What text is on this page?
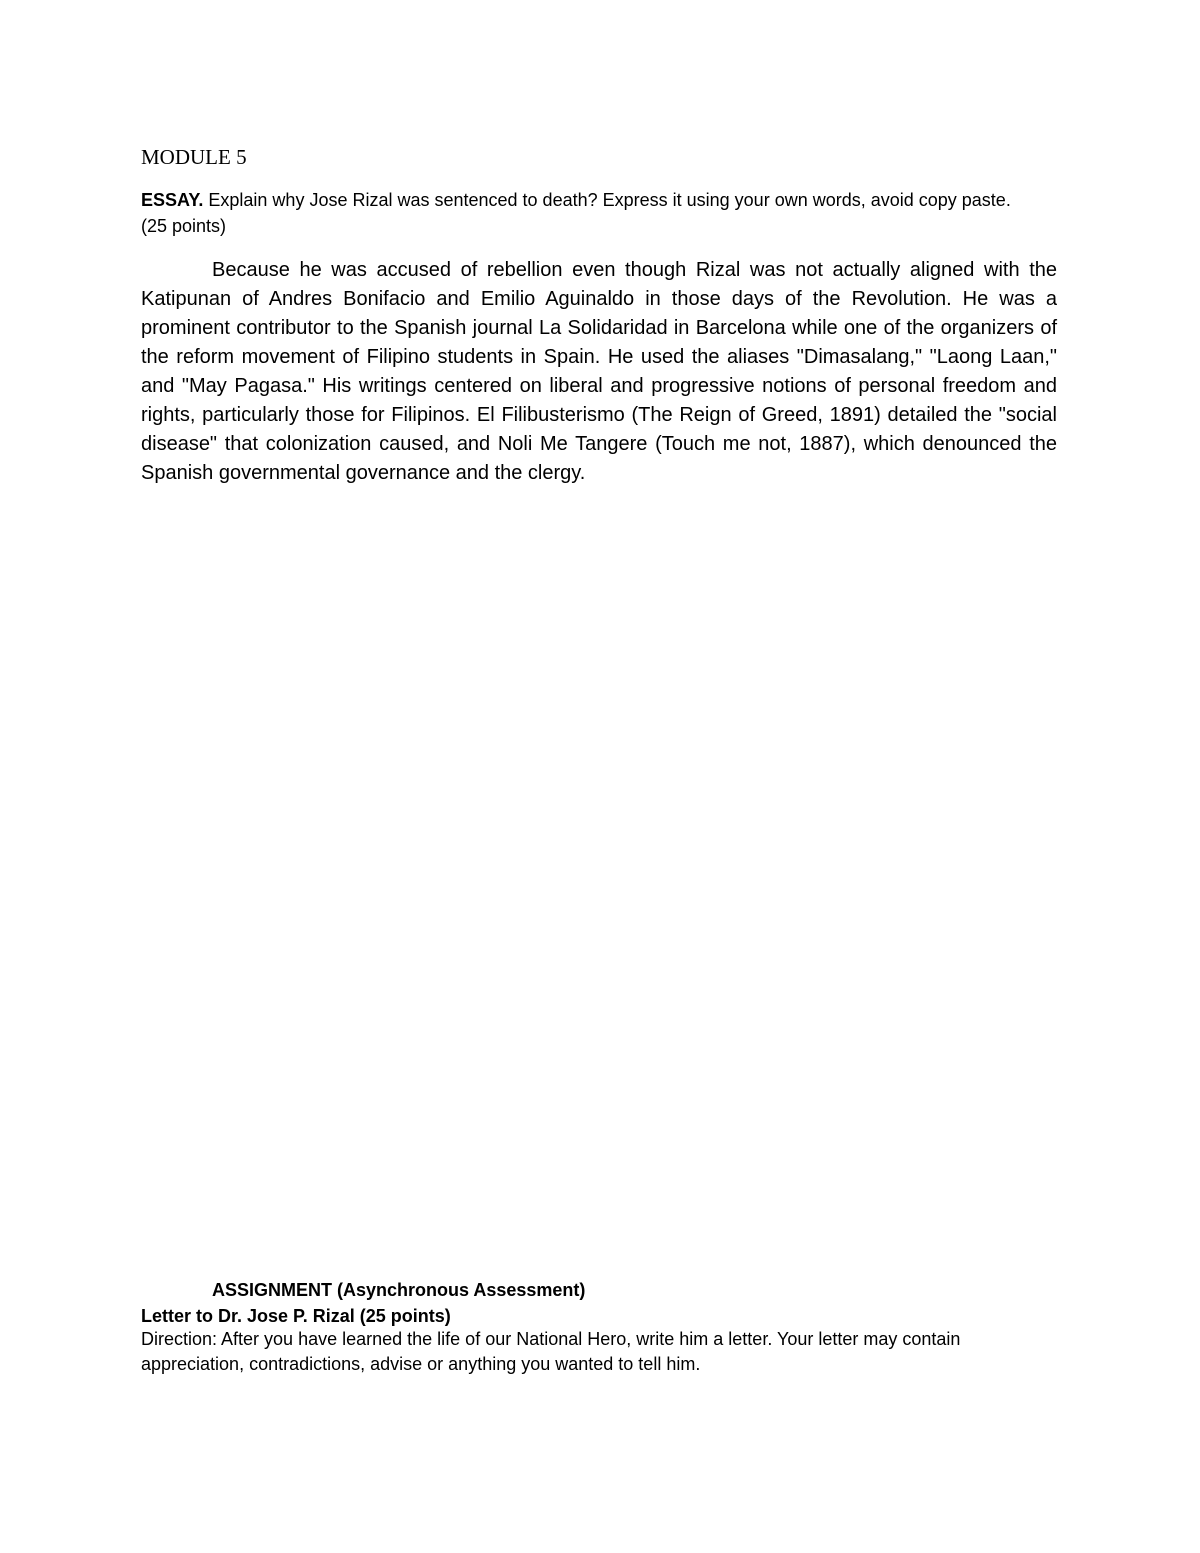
MODULE 5
ESSAY. Explain why Jose Rizal was sentenced to death? Express it using your own words, avoid copy paste. (25 points)

Because he was accused of rebellion even though Rizal was not actually aligned with the Katipunan of Andres Bonifacio and Emilio Aguinaldo in those days of the Revolution. He was a prominent contributor to the Spanish journal La Solidaridad in Barcelona while one of the organizers of the reform movement of Filipino students in Spain. He used the aliases "Dimasalang," "Laong Laan," and "May Pagasa." His writings centered on liberal and progressive notions of personal freedom and rights, particularly those for Filipinos. El Filibusterismo (The Reign of Greed, 1891) detailed the "social disease" that colonization caused, and Noli Me Tangere (Touch me not, 1887), which denounced the Spanish governmental governance and the clergy.

ASSIGNMENT (Asynchronous Assessment)
Letter to Dr. Jose P. Rizal (25 points)

Direction: After you have learned the life of our National Hero, write him a letter. Your letter may contain appreciation, contradictions, advise or anything you wanted to tell him.
